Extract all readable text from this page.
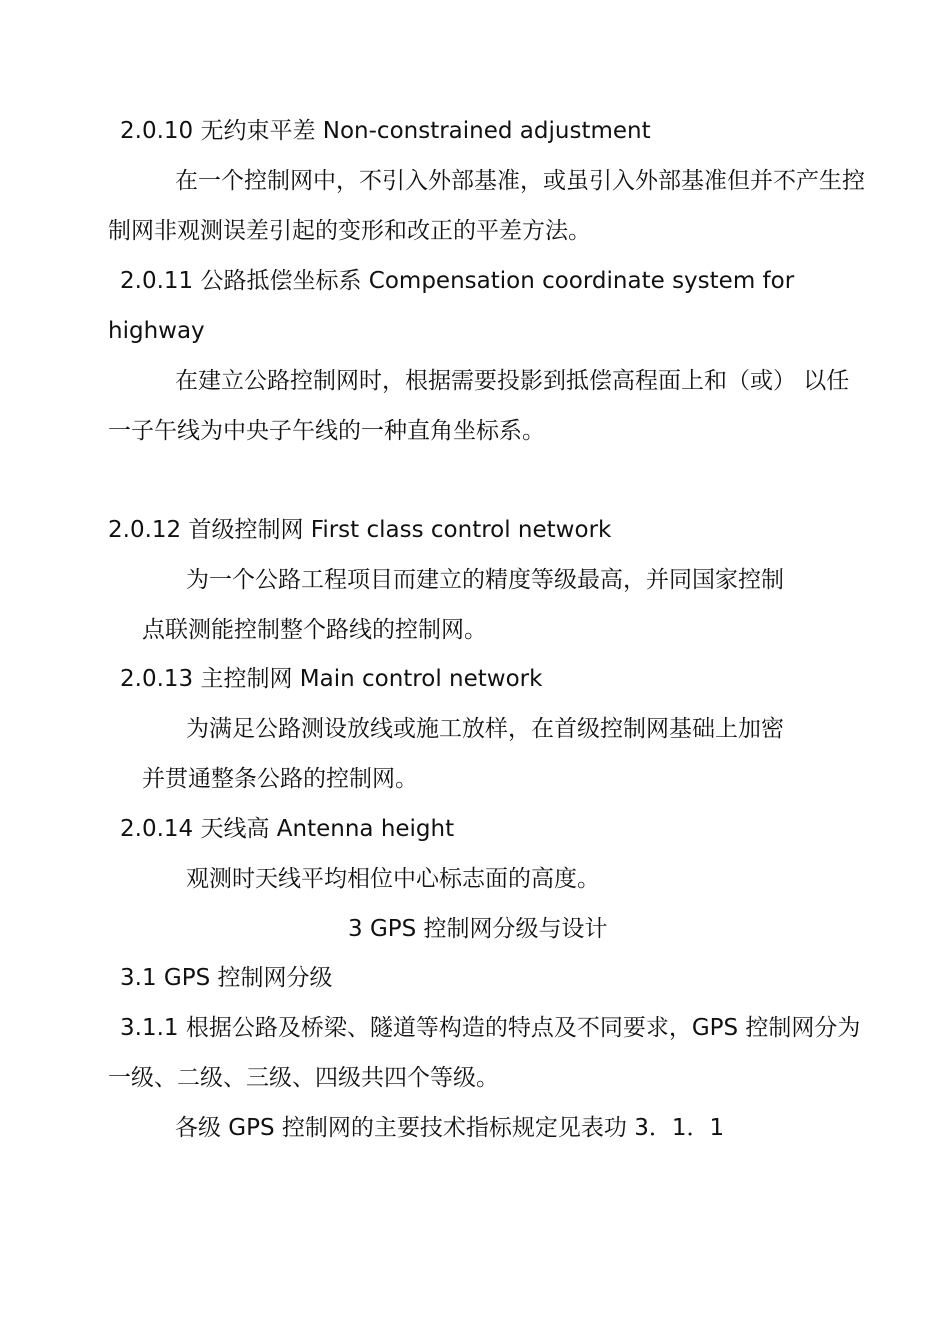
2.0.10 无约束平差 Non-constrained adjustment
在一个控制网中，不引入外部基准，或虽引入外部基准但并不产生控
制网非观测误差引起的变形和改正的平差方法。
2.0.11 公路抵偿坐标系 Compensation coordinate system for
highway
在建立公路控制网时，根据需要投影到抵偿高程面上和（或） 以任
一子午线为中央子午线的一种直角坐标系。
2.0.12 首级控制网 First class control network
为一个公路工程项目而建立的精度等级最高，并同国家控制
点联测能控制整个路线的控制网。
2.0.13 主控制网 Main control network
为满足公路测设放线或施工放样，在首级控制网基础上加密
并贯通整条公路的控制网。
2.0.14 天线高 Antenna height
观测时天线平均相位中心标志面的高度。
3 GPS 控制网分级与设计
3.1 GPS 控制网分级
3.1.1 根据公路及桥梁、隧道等构造的特点及不同要求，GPS 控制网分为
一级、二级、三级、四级共四个等级。
各级 GPS 控制网的主要技术指标规定见表功 3．1．1
